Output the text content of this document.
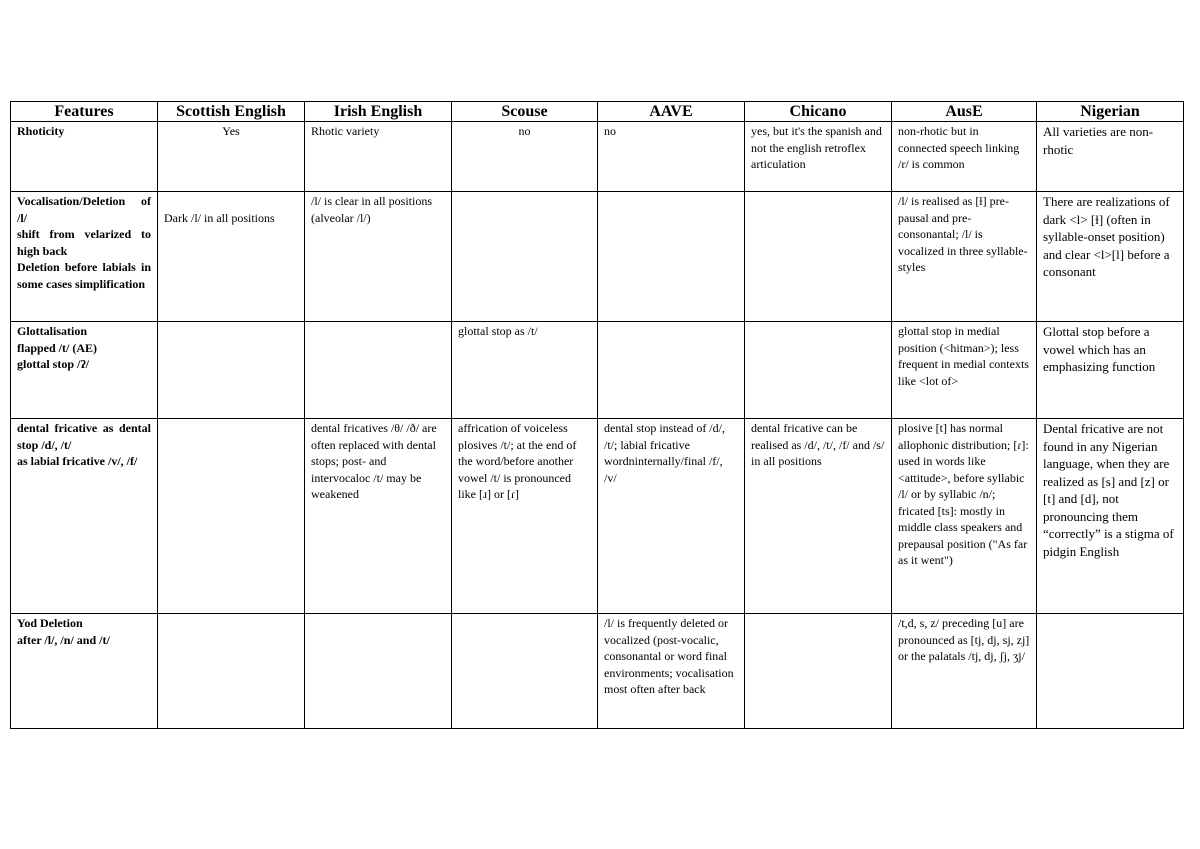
Features	Scottish English	Irish English	Scouse	AAVE	Chicano	AusE	Nigerian

Rhoticity	Yes	Rhotic variety	no	no	yes, but it's the spanish and not the english retroflex articulation	non-rhotic but in connected speech linking /r/ is common	All varieties are non-rhotic

Vocalisation/Deletion of /l/
shift from velarized to high back
Deletion before labials in some cases simplification	Dark /l/ in all positions	/l/ is clear in all positions (alveolar /l/)				/l/ is realised as [ɫ] pre-pausal and pre-consonantal; /l/ is vocalized in three syllable-styles	There are realizations of dark <l> [ɫ] (often in syllable-onset position) and clear <l>[l] before a consonant

Glottalisation
flapped /t/ (AE)
glottal stop /ʔ/			glottal stop as /t/			glottal stop in medial position (<hitman>); less frequent in medial contexts like <lot of>	Glottal stop before a vowel which has an emphasizing function

dental fricative as dental stop /d/, /t/
as labial fricative /v/, /f/		dental fricatives /θ/ /ð/ are often replaced with dental stops; post- and intervocaloc /t/ may be weakened	affrication of voiceless plosives /t/; at the end of the word/before another vowel /t/ is pronounced like [ɹ] or [ɾ]	dental stop instead of /d/, /t/; labial fricative wordninternally/final /f/, /v/	dental fricative can be realised as /d/, /t/, /f/ and /s/ in all positions	plosive [t] has normal allophonic distribution; [ɾ]: used in words like <attitude>, before syllabic /l/ or by syllabic /n/; fricated [ts]: mostly in middle class speakers and prepausal position ("As far as it went")	Dental fricative are not found in any Nigerian language, when they are realized as [s] and [z] or [t] and [d], not pronouncing them “correctly” is a stigma of pidgin English

Yod Deletion
after /l/, /n/ and /t/				/l/ is frequently deleted or vocalized (post-vocalic, consonantal or word final environments; vocalisation most often after back		/t,d, s, z/ preceding [u] are pronounced as [tj, dj, sj, zj] or the palatals /tj, dj, ʃj, ʒj/	
